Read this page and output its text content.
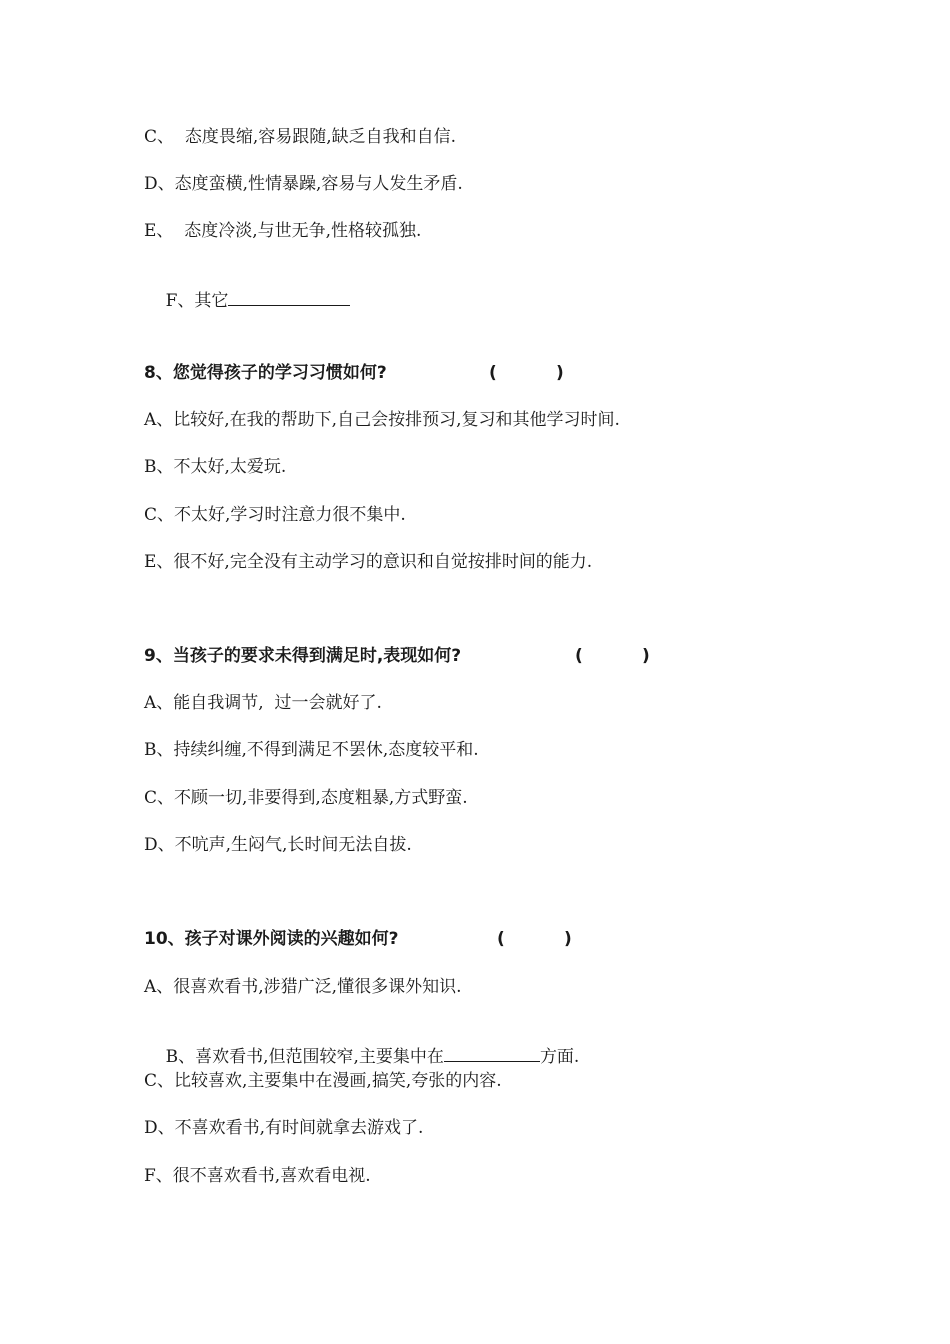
C、  态度畏缩,容易跟随,缺乏自我和自信.
D、态度蛮横,性情暴躁,容易与人发生矛盾.
E、  态度冷淡,与世无争,性格较孤独.

F、其它

8、您觉得孩子的学习习惯如何?	(          )
A、比较好,在我的帮助下,自己会按排预习,复习和其他学习时间.
B、不太好,太爱玩.
C、不太好,学习时注意力很不集中.
E、很不好,完全没有主动学习的意识和自觉按排时间的能力.
9、当孩子的要求未得到满足时,表现如何?	(          )
A、能自我调节,  过一会就好了.
B、持续纠缠,不得到满足不罢休,态度较平和.
C、不顾一切,非要得到,态度粗暴,方式野蛮.
D、不吭声,生闷气,长时间无法自拔.
10、孩子对课外阅读的兴趣如何?	(          )
A、很喜欢看书,涉猎广泛,懂很多课外知识.

B、喜欢看书,但范围较窄,主要集中在	方面.

C、比较喜欢,主要集中在漫画,搞笑,夸张的内容.
D、不喜欢看书,有时间就拿去游戏了.
F、很不喜欢看书,喜欢看电视.
